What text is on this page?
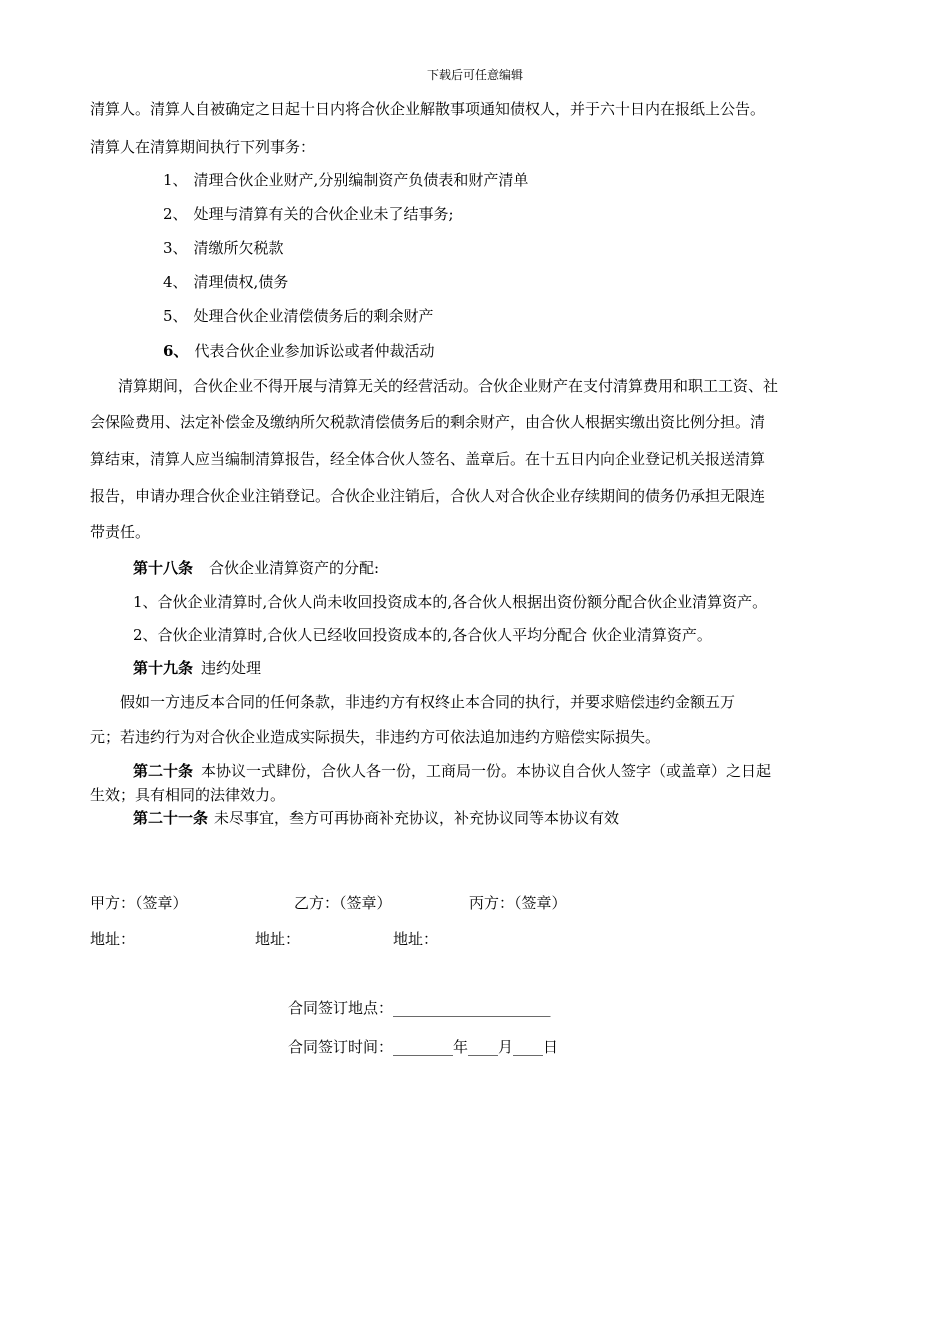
下载后可任意编辑
清算人。清算人自被确定之日起十日内将合伙企业解散事项通知债权人，并于六十日内在报纸上公告。
清算人在清算期间执行下列事务：
1、 清理合伙企业财产,分别编制资产负债表和财产清单
2、 处理与清算有关的合伙企业未了结事务;
3、 清缴所欠税款
4、 清理债权,债务
5、 处理合伙企业清偿债务后的剩余财产
6、 代表合伙企业参加诉讼或者仲裁活动
清算期间，合伙企业不得开展与清算无关的经营活动。合伙企业财产在支付清算费用和职工工资、社
会保险费用、法定补偿金及缴纳所欠税款清偿债务后的剩余财产，由合伙人根据实缴出资比例分担。清
算结束，清算人应当编制清算报告，经全体合伙人签名、盖章后。在十五日内向企业登记机关报送清算
报告，申请办理合伙企业注销登记。合伙企业注销后，合伙人对合伙企业存续期间的债务仍承担无限连
带责任。
第十八条 合伙企业清算资产的分配:
1、合伙企业清算时,合伙人尚未收回投资成本的,各合伙人根据出资份额分配合伙企业清算资产。
2、合伙企业清算时,合伙人已经收回投资成本的,各合伙人平均分配合 伙企业清算资产。
第十九条 违约处理
假如一方违反本合同的任何条款，非违约方有权终止本合同的执行，并要求赔偿违约金额五万
元；若违约行为对合伙企业造成实际损失，非违约方可依法追加违约方赔偿实际损失。
第二十条 本协议一式肆份，合伙人各一份，工商局一份。本协议自合伙人签字（或盖章）之日起
生效；具有相同的法律效力。
第二十一条 未尽事宜，叁方可再协商补充协议，补充协议同等本协议有效
甲方：（签章）	乙方：（签章）	丙方：（签章）
地址：	地址：	地址：
合同签订地点：_____________________
合同签订时间：________年____月____日
